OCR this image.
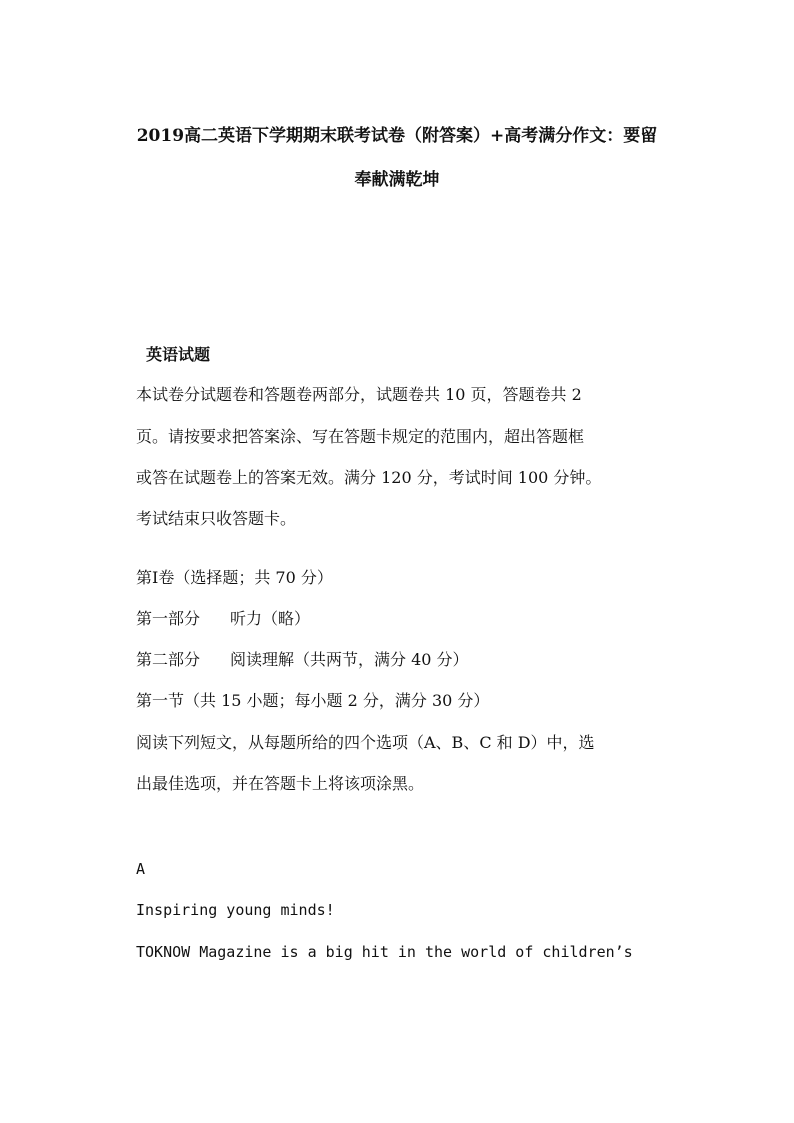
2019高二英语下学期期末联考试卷（附答案）+高考满分作文：要留
奉献满乾坤
英语试题
本试卷分试题卷和答题卷两部分，试题卷共 10 页，答题卷共 2
页。请按要求把答案涂、写在答题卡规定的范围内，超出答题框
或答在试题卷上的答案无效。满分 120 分，考试时间 100 分钟。
考试结束只收答题卡。
第Ⅰ卷（选择题；共 70 分）
第一部分 听力（略）
第二部分 阅读理解（共两节，满分 40 分）
第一节（共 15 小题；每小题 2 分，满分 30 分）
阅读下列短文，从每题所给的四个选项（A、B、C 和 D）中，选
出最佳选项，并在答题卡上将该项涂黑。
A
Inspiring young minds!
TOKNOW Magazine is a big hit in the world of children’s
